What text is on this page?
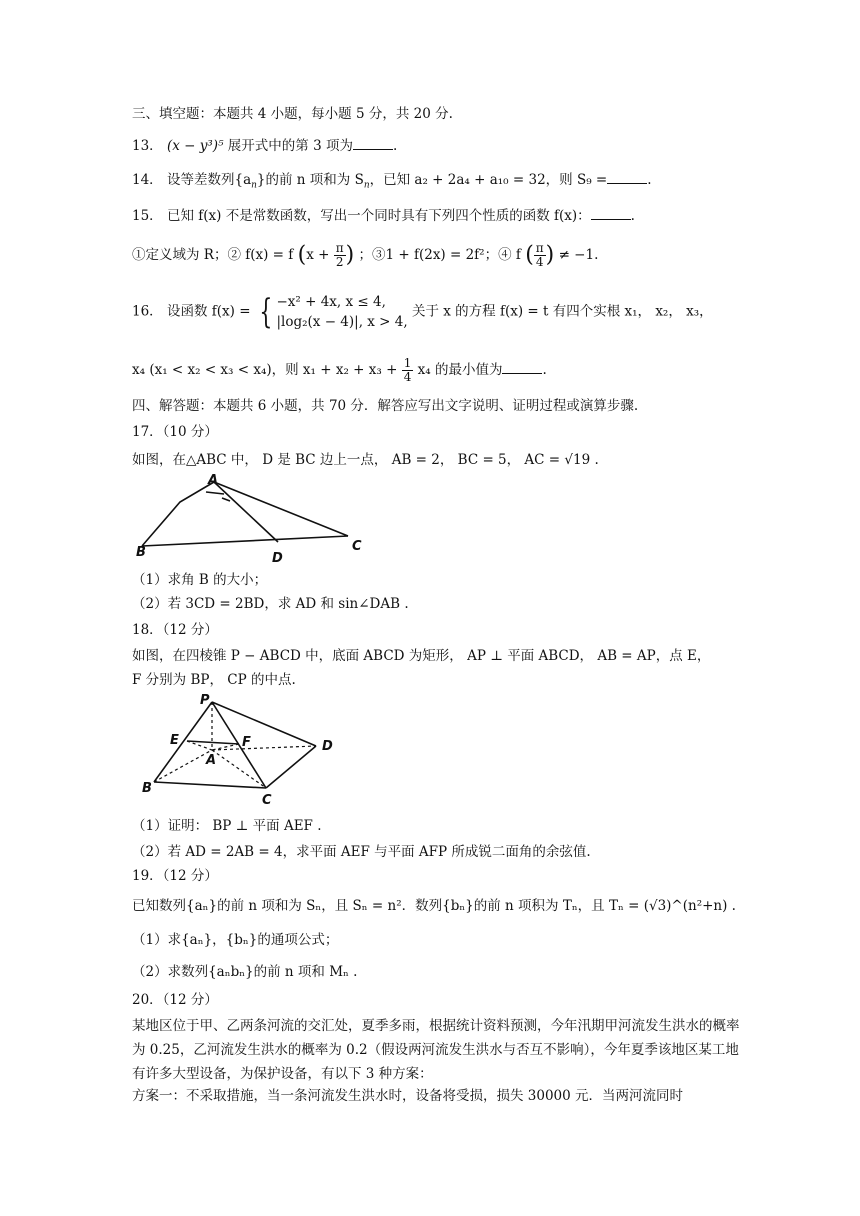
三、填空题：本题共 4 小题，每小题 5 分，共 20 分.
13． (x − y³)⁵ 展开式中的第 3 项为	.
14． 设等差数列$\{a_n\}$的前 n 项和为 $S_n$，已知 a₂ + 2a₄ + a₁₀ = 32，则 S₉ =	.
15． 已知 f(x) 不是常数函数，写出一个同时具有下列四个性质的函数 f(x)：	.
①定义域为 R；② f(x) = f ($x + \frac{\pi}{2}$ ) ；③1 + f(2x) = 2f²；④ f ( $\frac{\pi}{4}$ ) ≠ −1.
16． 设函数 f(x) = { −x² + 4x, x ≤ 4,
|log₂(x − 4)|, x > 4,
关于 x 的方程 f(x) = t 有四个实根 x₁， x₂， x₃，
x₄ (x₁ < x₂ < x₃ < x₄)，则 $x_1 + x_2 + x_3 + \frac{1}{4} x_4$ 的最小值为	.
四、解答题：本题共 6 小题，共 70 分．解答应写出文字说明、证明过程或演算步骤.
17．（10 分）
如图，在△ABC 中， D 是 BC 边上一点， AB = 2， BC = 5， AC = √19 .
A
B	D
C
（1）求角 B 的大小；
（2）若 3CD = 2BD，求 AD 和 sin∠DAB .
18．（12 分）
如图，在四棱锥 P − ABCD 中，底面 ABCD 为矩形， AP ⊥ 平面 ABCD， AB = AP，点 E，
F 分别为 BP， CP 的中点.
P
E	F
A
D
B
C
（1）证明： BP ⊥ 平面 AEF .
（2）若 AD = 2AB = 4，求平面 AEF 与平面 AFP 所成锐二面角的余弦值.
19．（12 分）
已知数列{aₙ}的前 n 项和为 Sₙ，且 Sₙ = n²．数列{bₙ}的前 n 项积为 Tₙ，且 Tₙ = (√3)^(n²+n) .
（1）求{aₙ}，{bₙ}的通项公式；
（2）求数列{aₙbₙ}的前 n 项和 Mₙ .
20．（12 分）
某地区位于甲、乙两条河流的交汇处，夏季多雨，根据统计资料预测，今年汛期甲河流发生洪水的概率为 0.25，乙河流发生洪水的概率为 0.2（假设两河流发生洪水与否互不影响），今年夏季该地区某工地有许多大型设备，为保护设备，有以下 3 种方案：
方案一：不采取措施，当一条河流发生洪水时，设备将受损，损失 30000 元．当两河流同时
